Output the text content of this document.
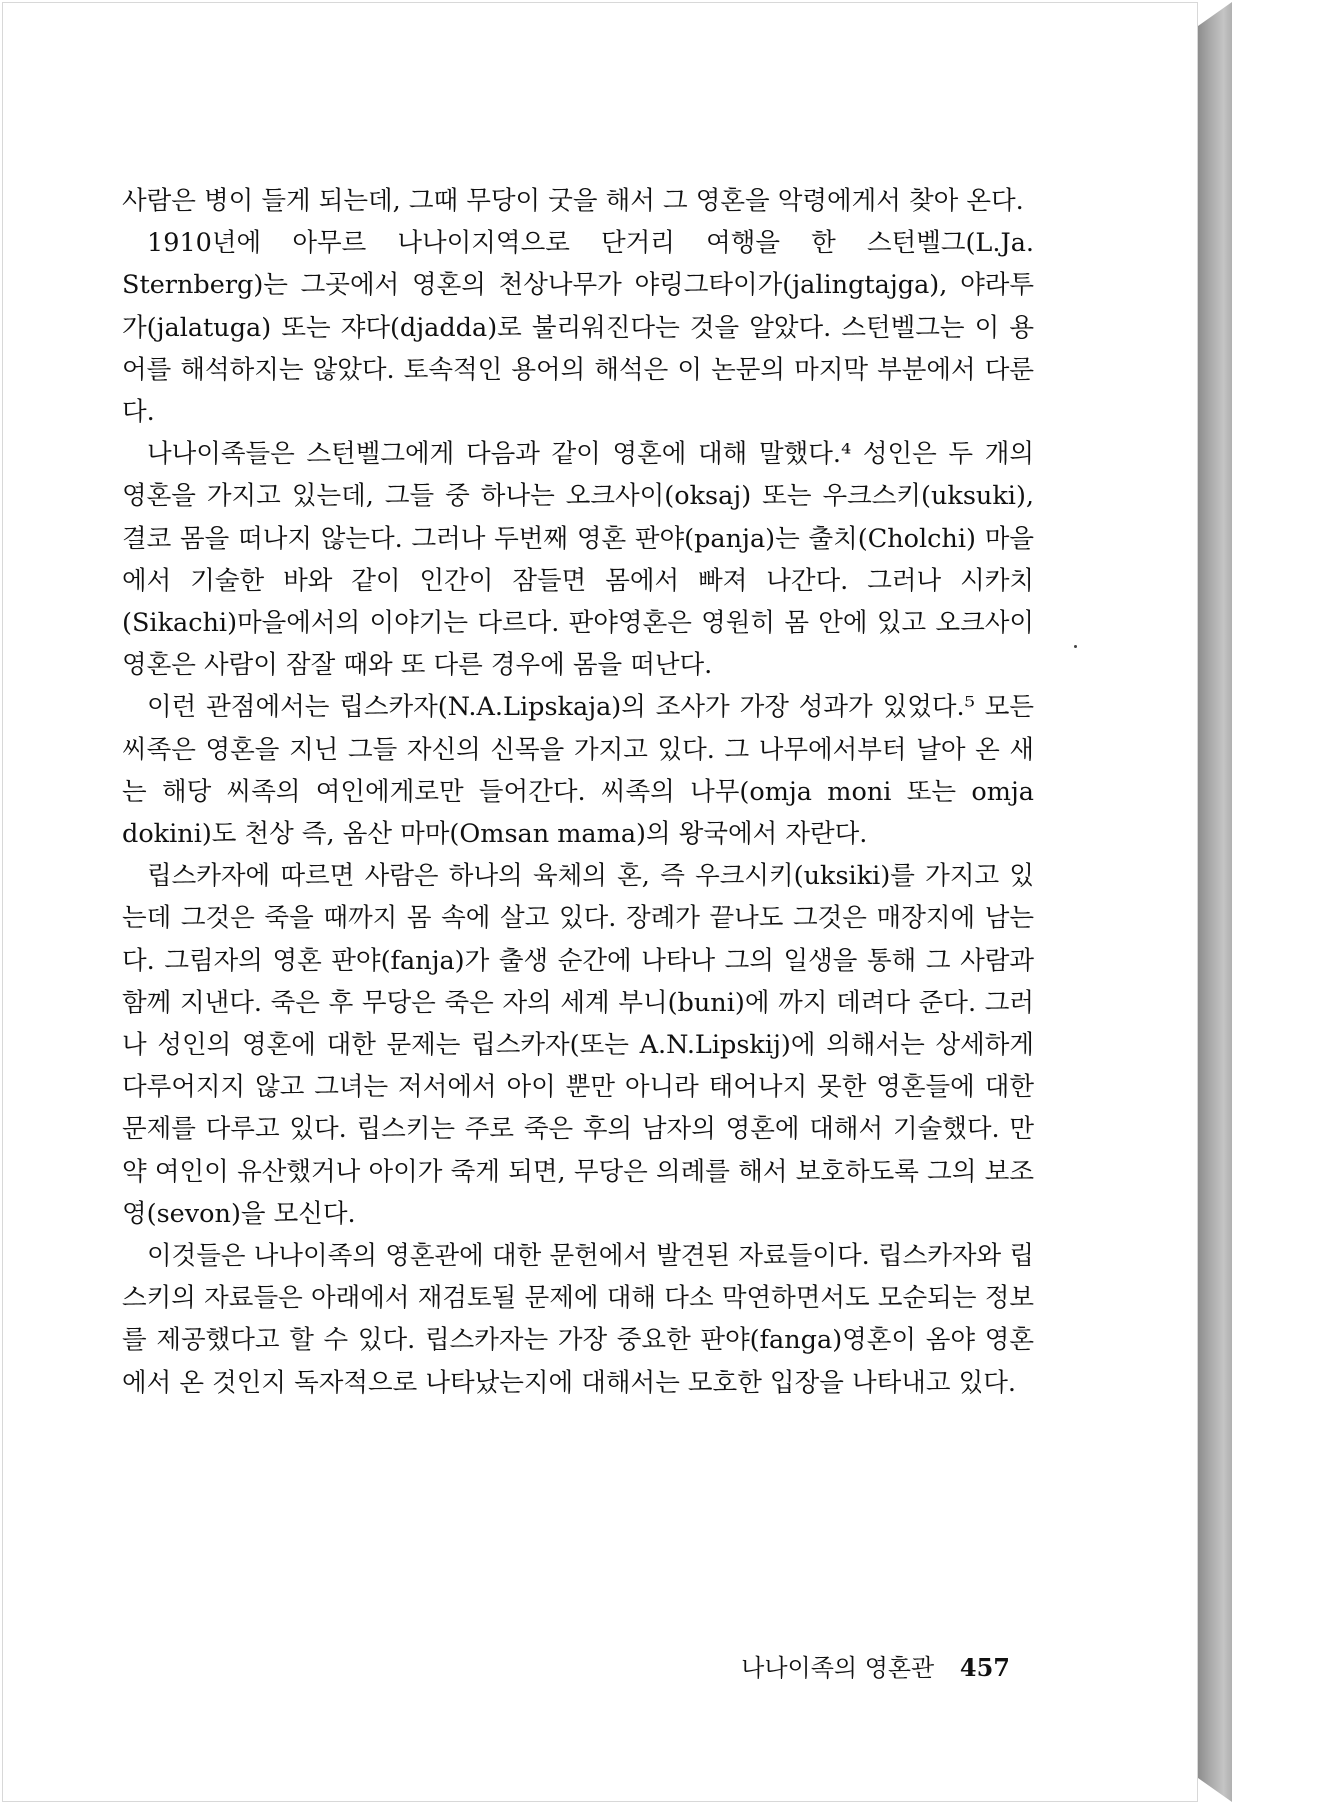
사람은 병이 들게 되는데, 그때 무당이 굿을 해서 그 영혼을 악령에게서 찾아 온다.

1910년에 아무르 나나이지역으로 단거리 여행을 한 스턴벨그(L.Ja. Sternberg)는 그곳에서 영혼의 천상나무가 야링그타이가(jalingtajga), 야라투가(jalatuga) 또는 쟈다(djadda)로 불리워진다는 것을 알았다. 스턴벨그는 이 용어를 해석하지는 않았다. 토속적인 용어의 해석은 이 논문의 마지막 부분에서 다룬다.

나나이족들은 스턴벨그에게 다음과 같이 영혼에 대해 말했다.⁴ 성인은 두 개의 영혼을 가지고 있는데, 그들 중 하나는 오크사이(oksaj) 또는 우크스키(uksuki), 결코 몸을 떠나지 않는다. 그러나 두번째 영혼 판야(panja)는 출치(Cholchi) 마을에서 기술한 바와 같이 인간이 잠들면 몸에서 빠져 나간다. 그러나 시카치(Sikachi)마을에서의 이야기는 다르다. 판야영혼은 영원히 몸 안에 있고 오크사이 영혼은 사람이 잠잘 때와 또 다른 경우에 몸을 떠난다.

이런 관점에서는 립스카자(N.A.Lipskaja)의 조사가 가장 성과가 있었다.⁵ 모든 씨족은 영혼을 지닌 그들 자신의 신목을 가지고 있다. 그 나무에서부터 날아 온 새는 해당 씨족의 여인에게로만 들어간다. 씨족의 나무(omja moni 또는 omja dokini)도 천상 즉, 옴산 마마(Omsan mama)의 왕국에서 자란다.

립스카자에 따르면 사람은 하나의 육체의 혼, 즉 우크시키(uksiki)를 가지고 있는데 그것은 죽을 때까지 몸 속에 살고 있다. 장례가 끝나도 그것은 매장지에 남는다. 그림자의 영혼 판야(fanja)가 출생 순간에 나타나 그의 일생을 통해 그 사람과 함께 지낸다. 죽은 후 무당은 죽은 자의 세계 부니(buni)에 까지 데려다 준다. 그러나 성인의 영혼에 대한 문제는 립스카자(또는 A.N.Lipskij)에 의해서는 상세하게 다루어지지 않고 그녀는 저서에서 아이 뿐만 아니라 태어나지 못한 영혼들에 대한 문제를 다루고 있다. 립스키는 주로 죽은 후의 남자의 영혼에 대해서 기술했다. 만약 여인이 유산했거나 아이가 죽게 되면, 무당은 의례를 해서 보호하도록 그의 보조영(sevon)을 모신다.

이것들은 나나이족의 영혼관에 대한 문헌에서 발견된 자료들이다. 립스카자와 립스키의 자료들은 아래에서 재검토될 문제에 대해 다소 막연하면서도 모순되는 정보를 제공했다고 할 수 있다. 립스카자는 가장 중요한 판야(fanga)영혼이 옴야 영혼에서 온 것인지 독자적으로 나타났는지에 대해서는 모호한 입장을 나타내고 있다.

나나이족의 영혼관 457
